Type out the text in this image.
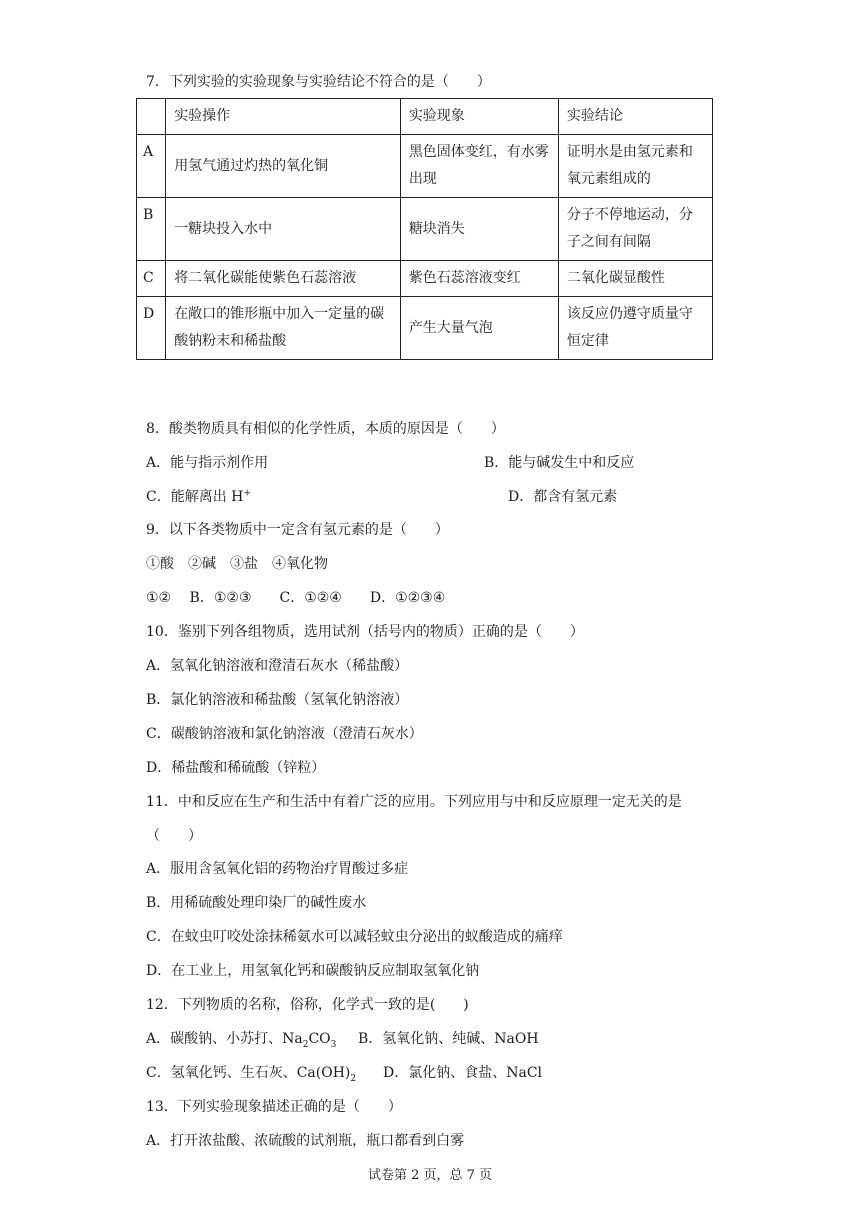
7．下列实验的实验现象与实验结论不符合的是（　　）
	实验操作	实验现象	实验结论
A	用氢气通过灼热的氧化铜	黑色固体变红，有水雾出现	证明水是由氢元素和氧元素组成的
B	一糖块投入水中	糖块消失	分子不停地运动，分子之间有间隔
C	将二氧化碳能使紫色石蕊溶液	紫色石蕊溶液变红	二氧化碳显酸性
D	在敞口的锥形瓶中加入一定量的碳酸钠粉末和稀盐酸	产生大量气泡	该反应仍遵守质量守恒定律
8．酸类物质具有相似的化学性质，本质的原因是（　　）
A．能与指示剂作用	B．能与碱发生中和反应
C．能解离出 H+	D．都含有氢元素
9．以下各类物质中一定含有氢元素的是（　　）
①酸　②碱　③盐　④氧化物
①②　 B．①②③　　C．①②④　　D．①②③④
10．鉴别下列各组物质，选用试剂（括号内的物质）正确的是（　　）
A．氢氧化钠溶液和澄清石灰水（稀盐酸）
B．氯化钠溶液和稀盐酸（氢氧化钠溶液）
C．碳酸钠溶液和氯化钠溶液（澄清石灰水）
D．稀盐酸和稀硫酸（锌粒）
11．中和反应在生产和生活中有着广泛的应用。下列应用与中和反应原理一定无关的是
（　　）
A．服用含氢氧化铝的药物治疗胃酸过多症
B．用稀硫酸处理印染厂的碱性废水
C．在蚊虫叮咬处涂抹稀氨水可以减轻蚊虫分泌出的蚁酸造成的痛痒
D．在工业上，用氢氧化钙和碳酸钠反应制取氢氧化钠
12．下列物质的名称，俗称，化学式一致的是(　　)
A．碳酸钠、小苏打、$Na_2CO_3$ B．氢氧化钠、纯碱、NaOH
C．氢氧化钙、生石灰、$Ca(OH)_2$ D．氯化钠、食盐、NaCl
13．下列实验现象描述正确的是（　　）
A．打开浓盐酸、浓硫酸的试剂瓶，瓶口都看到白雾
试卷第 2 页，总 7 页
